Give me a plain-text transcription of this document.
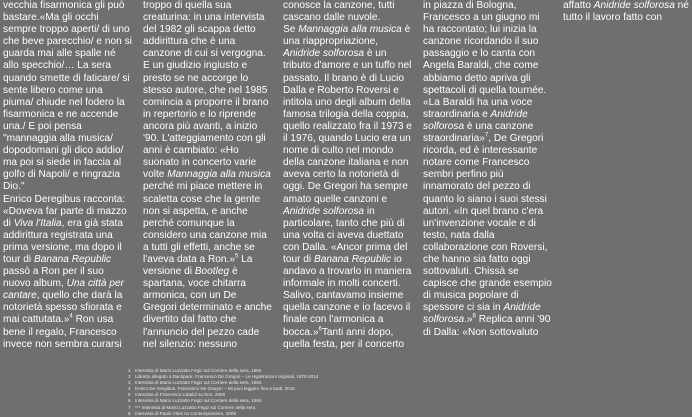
vecchia fisarmonica gli può bastare.«Ma gli occhi sempre troppo aperti/ di uno che beve parecchio/ e non si guarda mai alle spalle né allo specchio/… La sera quando smette di faticare/ si sente libero come una piuma/ chiude nel fodero la fisarmonica e ne accende una./ E poi pensa "mannaggia alla musica/ dopodomani gli dico addio/ ma poi si siede in faccia al golfo di Napoli/ e ringrazia Dio."

Enrico Deregibus racconta: «Doveva far parte di mazzo di Viva l'Italia, era già stata addirittura registrata una prima versione, ma dopo il tour di Banana Republic passò a Ron per il suo nuovo album, Una città per cantare, quello che darà la notorietà spesso sfiorata e mai cattutata.»$^4$ Ron usa bene il regalo, Francesco invece non sembra curarsi troppo di quella sua creaturina: in una intervista del 1982 gli scappa detto addirittura che è una canzone di cui si vergogna. E un giudizio ingiusto e presto se ne accorge lo stesso autore, che nel 1985 comincia a proporre il brano in repertorio e lo riprende ancora più avanti, a inizio '90. L'atteggiamento con gli anni è cambiato: «Ho suonato in concerto varie volte Mannaggia alla musica perché mi piace mettere in scaletta cose che la gente non si aspetta, e anche perché comunque la considero una canzone mia a tutti gli effetti, anche se l'aveva data a Ron.»$^5$ La versione di Bootleg è spartana, voce chitarra armonica, con un De Gregori determinato e anche divertito dal fatto che l'annuncio del pezzo cade nel silenzio: nessuno conosce la canzone, tutti cascano dalle nuvole.

Se Mannaggia alla musica è una riappropriazione, Anidride solforosa è un tributo d'amore e un tuffo nel passato. Il brano è di Lucio Dalla e Roberto Roversi e intitola uno degli album della famosa trilogia della coppia, quello realizzato fra il 1973 e il 1976, quando Lucio era un nome di culto nel mondo della canzone italiana e non aveva certo la notorietà di oggi. De Gregori ha sempre amato quelle canzoni e Anidride solforosa in particolare, tanto che più di una volta ci aveva duettato con Dalla. «Ancor prima del tour di Banana Republic io andavo a trovarlo in maniera informale in molti concerti. Salivo, cantavamo insieme quella canzone e io facevo il finale con l'armonica a bocca.»$^6$Tanti anni dopo, quella festa, per il concerto in piazza di Bologna, Francesco a un giugno mi ha raccontato; lui inizia la canzone ricordando il suo passaggio e lo canta con Angela Baraldi, che come abbiamo detto apriva gli spettacoli di quella tournée. «La Baraldi ha una voce straordinaria e Anidride solforosa è una canzone straordinaria»$^7$, De Gregori ricorda, ed è interessante notare come Francesco sembri perfino più innamorato del pezzo di quanto lo siano i suoi stessi autori. «In quel brano c'era un'invenzione vocale e di testo, nata dalla collaborazione con Roversi, che hanno sia fatto oggi sottovaluti. Chissà se capisce che grande esempio di musica popolare di spessore ci sia in Anidride solforosa.»$^8$ Replica anni '90 di Dalla: «Non sottovaluto affatto Anidride solforosa né tutto il lavoro fatto con

1 Intervista di Mario Luzzatto Fegiz sul Corriere della sera, 1994
2 Libretto allegato a Backpack. Francesco De Gregori – Le registrazioni originali, 1970-2014
3 Intervista di Mario Luzzatto Fegiz sul Corriere della sera, 1994
4 Enrico De Gregibus, Francesco De Gregori – Mi puoi leggere fino a tardi, 2015
5 Intervista di Francesco Cataldi su Enn, 2006
6 Intervista di Mario Luzzatto Fegiz sul Corriere della sera, 1994
7 *** Intervista di Mario Luzzatto Fegiz sul Corriere della sera
8 Intervista di Paolo Vites su Contemporaneo, 2009
